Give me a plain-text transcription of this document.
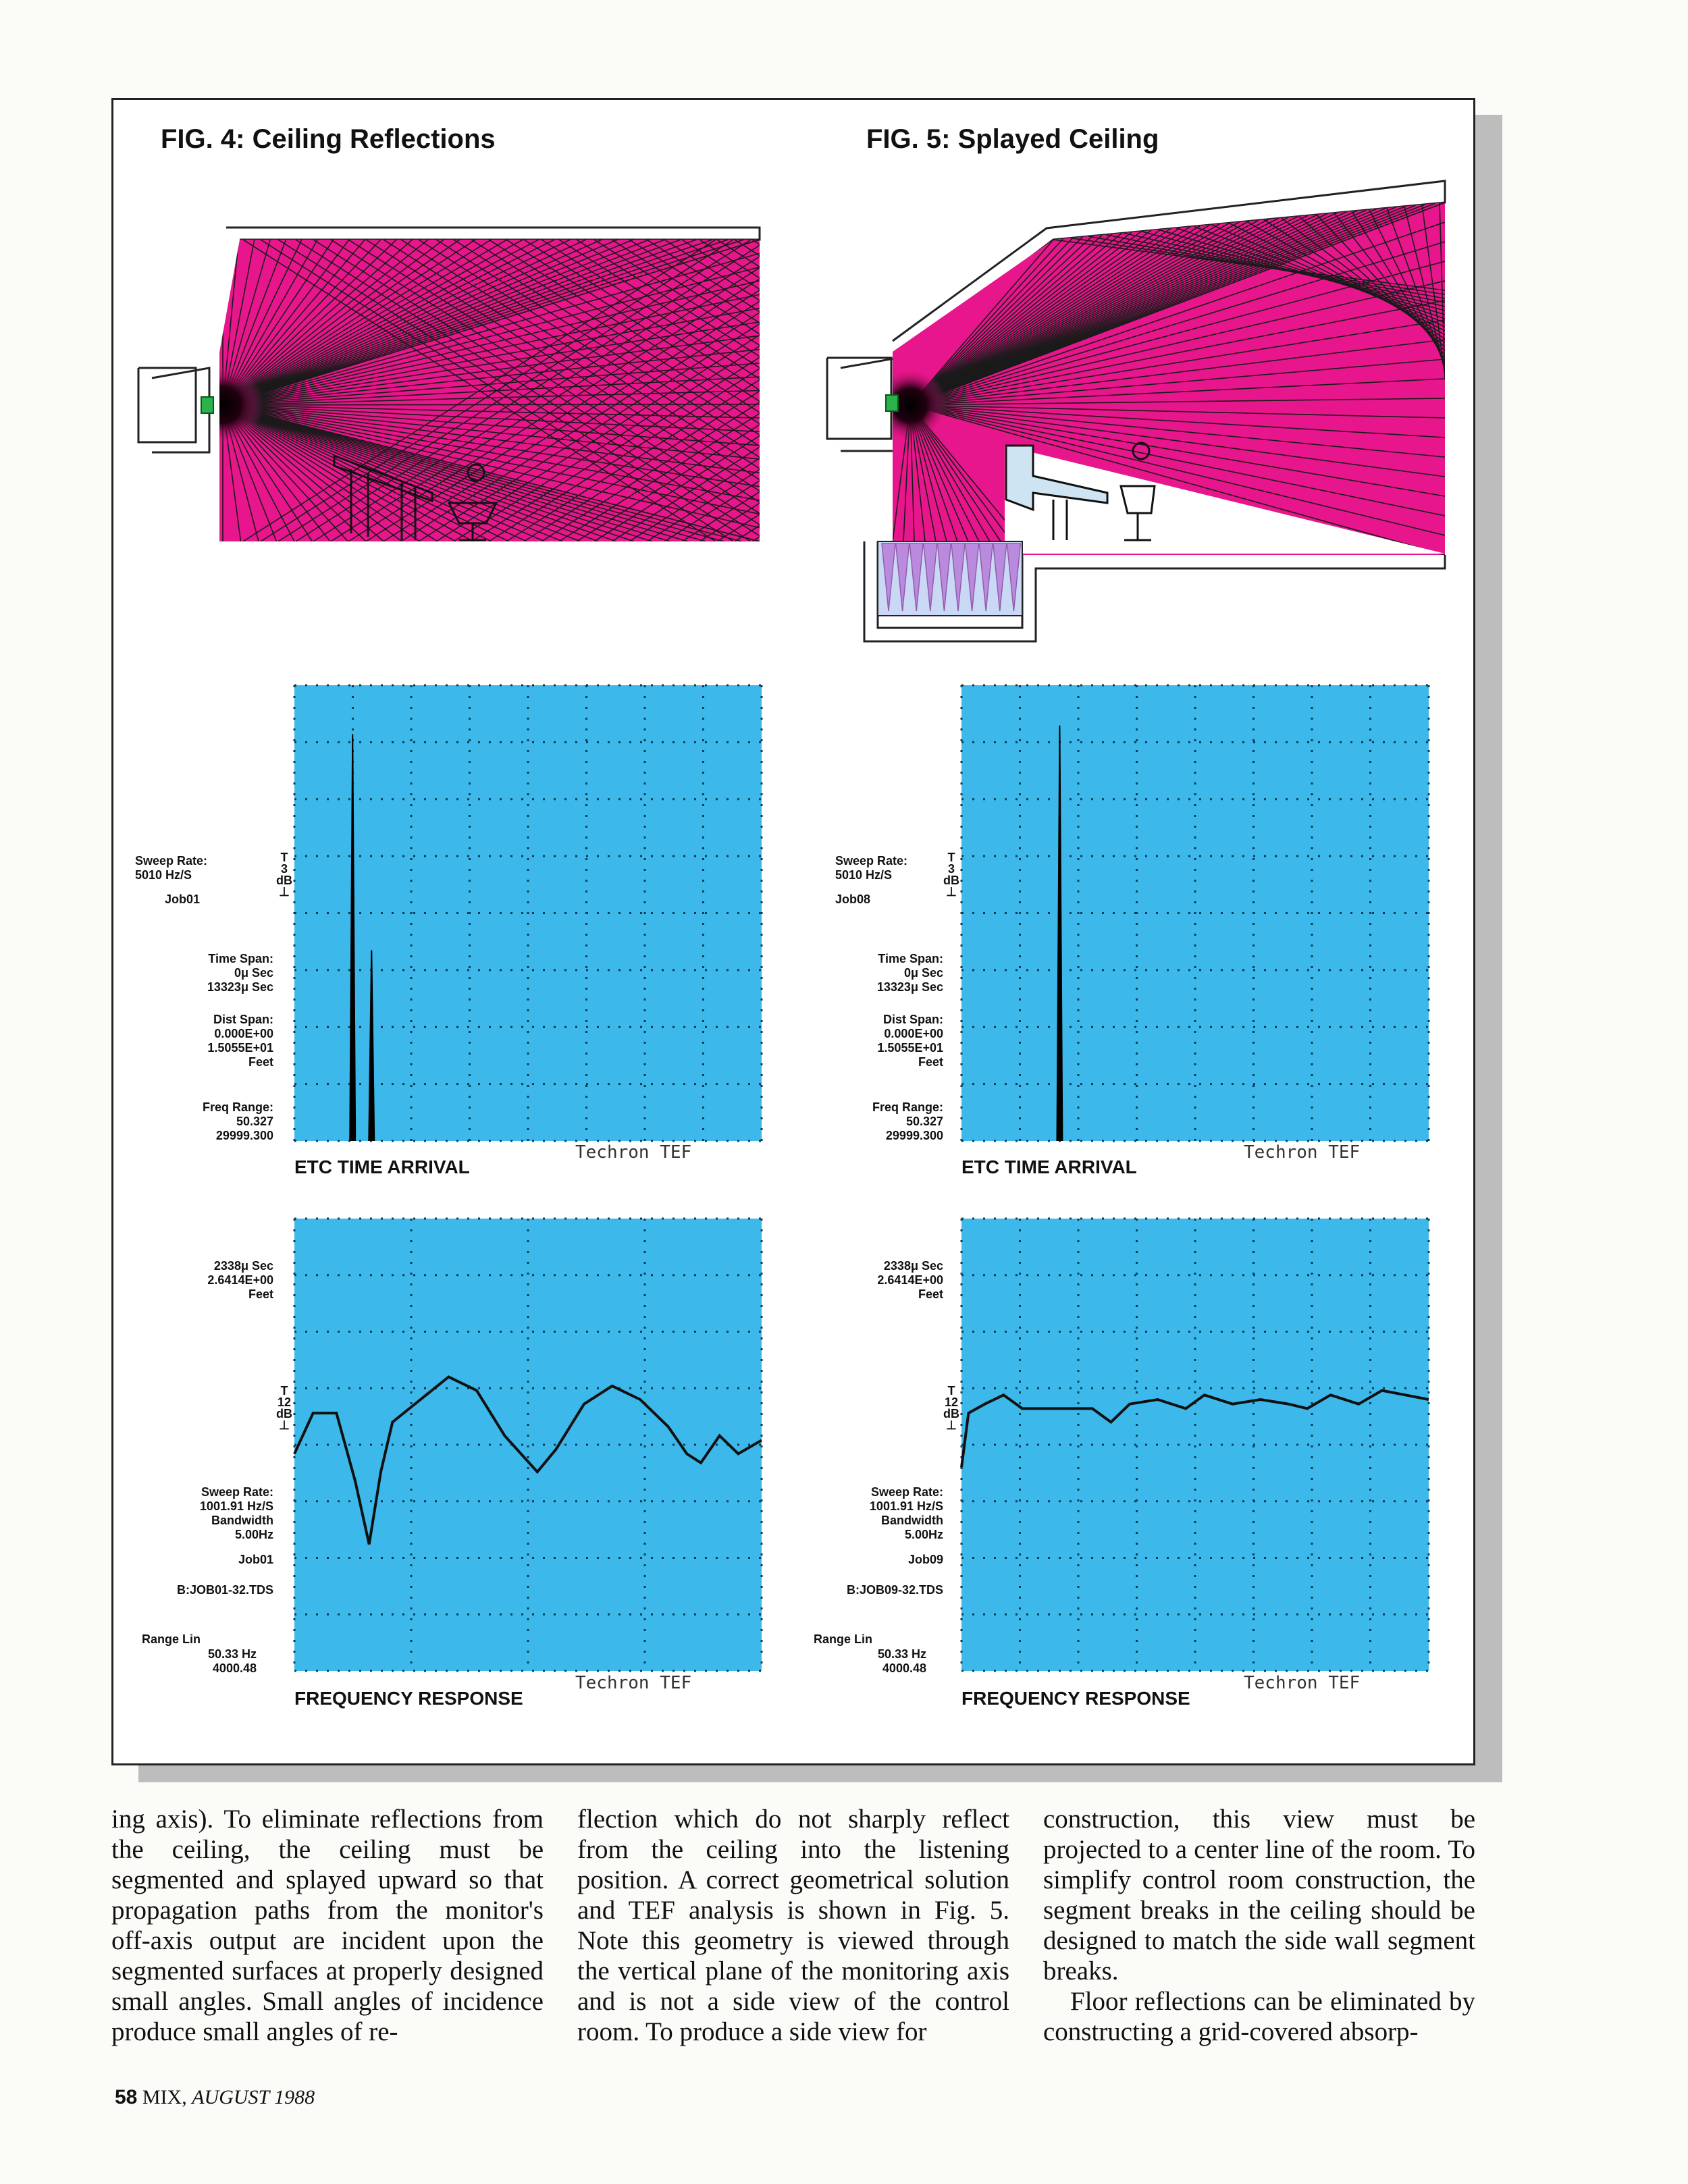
FIG. 4: Ceiling Reflections	FIG. 5: Splayed Ceiling
Sweep Rate:
5010 Hz/S
Job01
T
3
dB
⊥
Time Span:
0μ Sec
13323μ Sec
Dist Span:
0.000E+00
1.5055E+01
Feet
Freq Range:
50.327
29999.300
Techron TEF
ETC TIME ARRIVAL
Sweep Rate:
5010 Hz/S
Job08
T
3
dB
⊥
Time Span:
0μ Sec
13323μ Sec
Dist Span:
0.000E+00
1.5055E+01
Feet
Freq Range:
50.327
29999.300
Techron TEF
ETC TIME ARRIVAL
2338μ Sec
2.6414E+00
Feet
T
12
dB
⊥
Sweep Rate:
1001.91 Hz/S
Bandwidth
5.00Hz
Job01
B:JOB01-32.TDS
Range Lin
50.33 Hz
4000.48
Techron TEF
FREQUENCY RESPONSE
2338μ Sec
2.6414E+00
Feet
T
12
dB
⊥
Sweep Rate:
1001.91 Hz/S
Bandwidth
5.00Hz
Job09
B:JOB09-32.TDS
Range Lin
50.33 Hz
4000.48
Techron TEF
FREQUENCY RESPONSE

ing axis). To eliminate reflections from the ceiling, the ceiling must be segmented and splayed upward so that propagation paths from the monitor's off-axis output are incident upon the segmented surfaces at properly designed small angles. Small angles of incidence produce small angles of re-

flection which do not sharply reflect from the ceiling into the listening position. A correct geometrical solution and TEF analysis is shown in Fig. 5. Note this geometry is viewed through the vertical plane of the monitoring axis and is not a side view of the control room. To produce a side view for

construction, this view must be projected to a center line of the room. To simplify control room construction, the segment breaks in the ceiling should be designed to match the side wall segment breaks.

Floor reflections can be eliminated by constructing a grid-covered absorp-

58 MIX, AUGUST 1988
